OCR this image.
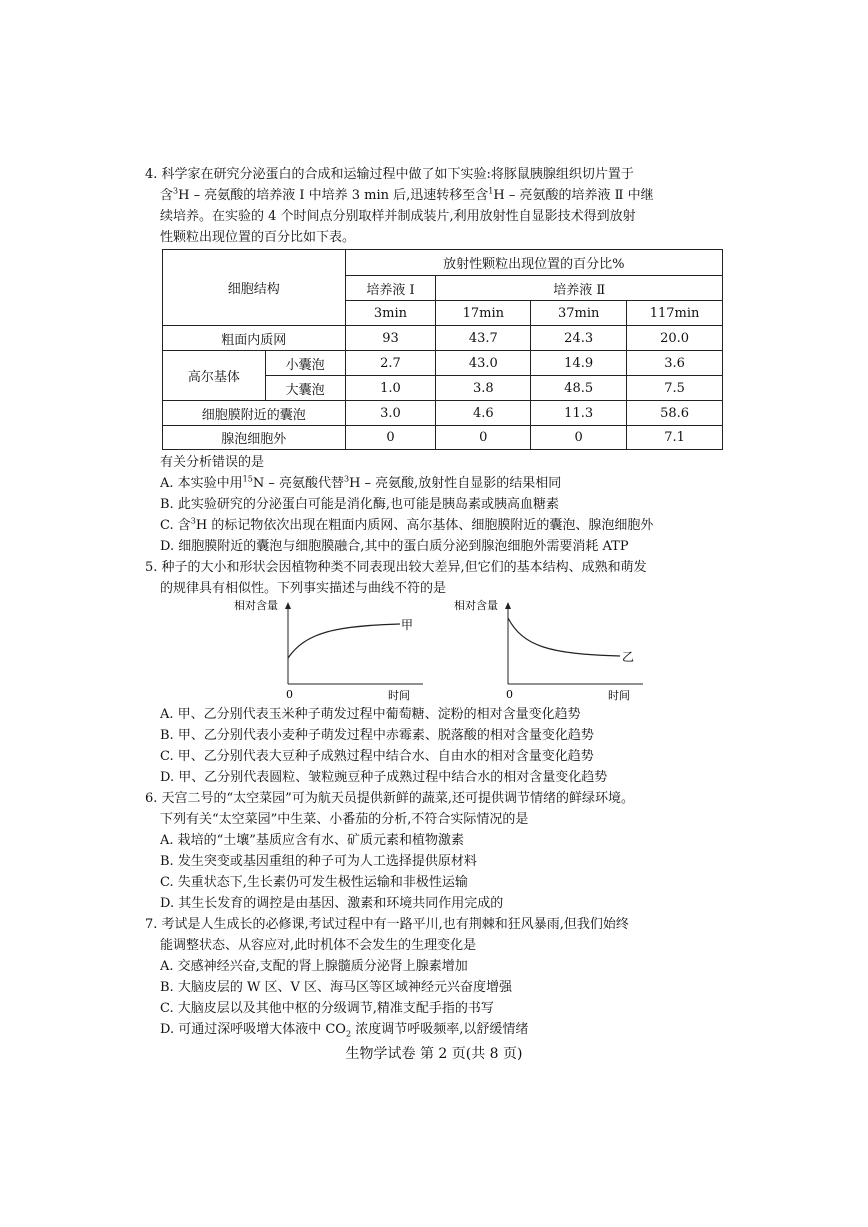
4. 科学家在研究分泌蛋白的合成和运输过程中做了如下实验:将豚鼠胰腺组织切片置于
含$^3$H – 亮氨酸的培养液 Ⅰ 中培养 3 min 后,迅速转移至含$^1$H – 亮氨酸的培养液 Ⅱ 中继
续培养。在实验的 4 个时间点分别取样并制成装片,利用放射性自显影技术得到放射
性颗粒出现位置的百分比如下表。
细胞结构		放射性颗粒出现位置的百分比%			
		培养液 Ⅰ	培养液 Ⅱ		
		3min	17min	37min	117min
粗面内质网		93	43.7	24.3	20.0
高尔基体	小囊泡	2.7	43.0	14.9	3.6
	大囊泡	1.0	3.8	48.5	7.5
细胞膜附近的囊泡		3.0	4.6	11.3	58.6
腺泡细胞外		0	0	0	7.1
有关分析错误的是
A. 本实验中用$^{15}$N – 亮氨酸代替$^3$H – 亮氨酸,放射性自显影的结果相同
B. 此实验研究的分泌蛋白可能是消化酶,也可能是胰岛素或胰高血糖素
C. 含$^3$H 的标记物依次出现在粗面内质网、高尔基体、细胞膜附近的囊泡、腺泡细胞外
D. 细胞膜附近的囊泡与细胞膜融合,其中的蛋白质分泌到腺泡细胞外需要消耗 ATP
5. 种子的大小和形状会因植物种类不同表现出较大差异,但它们的基本结构、成熟和萌发
的规律具有相似性。下列事实描述与曲线不符的是
相对含量
0	时间
甲
相对含量
0	时间
乙
A. 甲、乙分别代表玉米种子萌发过程中葡萄糖、淀粉的相对含量变化趋势
B. 甲、乙分别代表小麦种子萌发过程中赤霉素、脱落酸的相对含量变化趋势
C. 甲、乙分别代表大豆种子成熟过程中结合水、自由水的相对含量变化趋势
D. 甲、乙分别代表圆粒、皱粒豌豆种子成熟过程中结合水的相对含量变化趋势
6. 天宫二号的“太空菜园”可为航天员提供新鲜的蔬菜,还可提供调节情绪的鲜绿环境。
下列有关“太空菜园”中生菜、小番茄的分析,不符合实际情况的是
A. 栽培的“土壤”基质应含有水、矿质元素和植物激素
B. 发生突变或基因重组的种子可为人工选择提供原材料
C. 失重状态下,生长素仍可发生极性运输和非极性运输
D. 其生长发育的调控是由基因、激素和环境共同作用完成的
7. 考试是人生成长的必修课,考试过程中有一路平川,也有荆棘和狂风暴雨,但我们始终
能调整状态、从容应对,此时机体不会发生的生理变化是
A. 交感神经兴奋,支配的肾上腺髓质分泌肾上腺素增加
B. 大脑皮层的 W 区、V 区、海马区等区域神经元兴奋度增强
C. 大脑皮层以及其他中枢的分级调节,精准支配手指的书写
D. 可通过深呼吸增大体液中 $CO_2$ 浓度调节呼吸频率,以舒缓情绪
生物学试卷 第 2 页(共 8 页)
